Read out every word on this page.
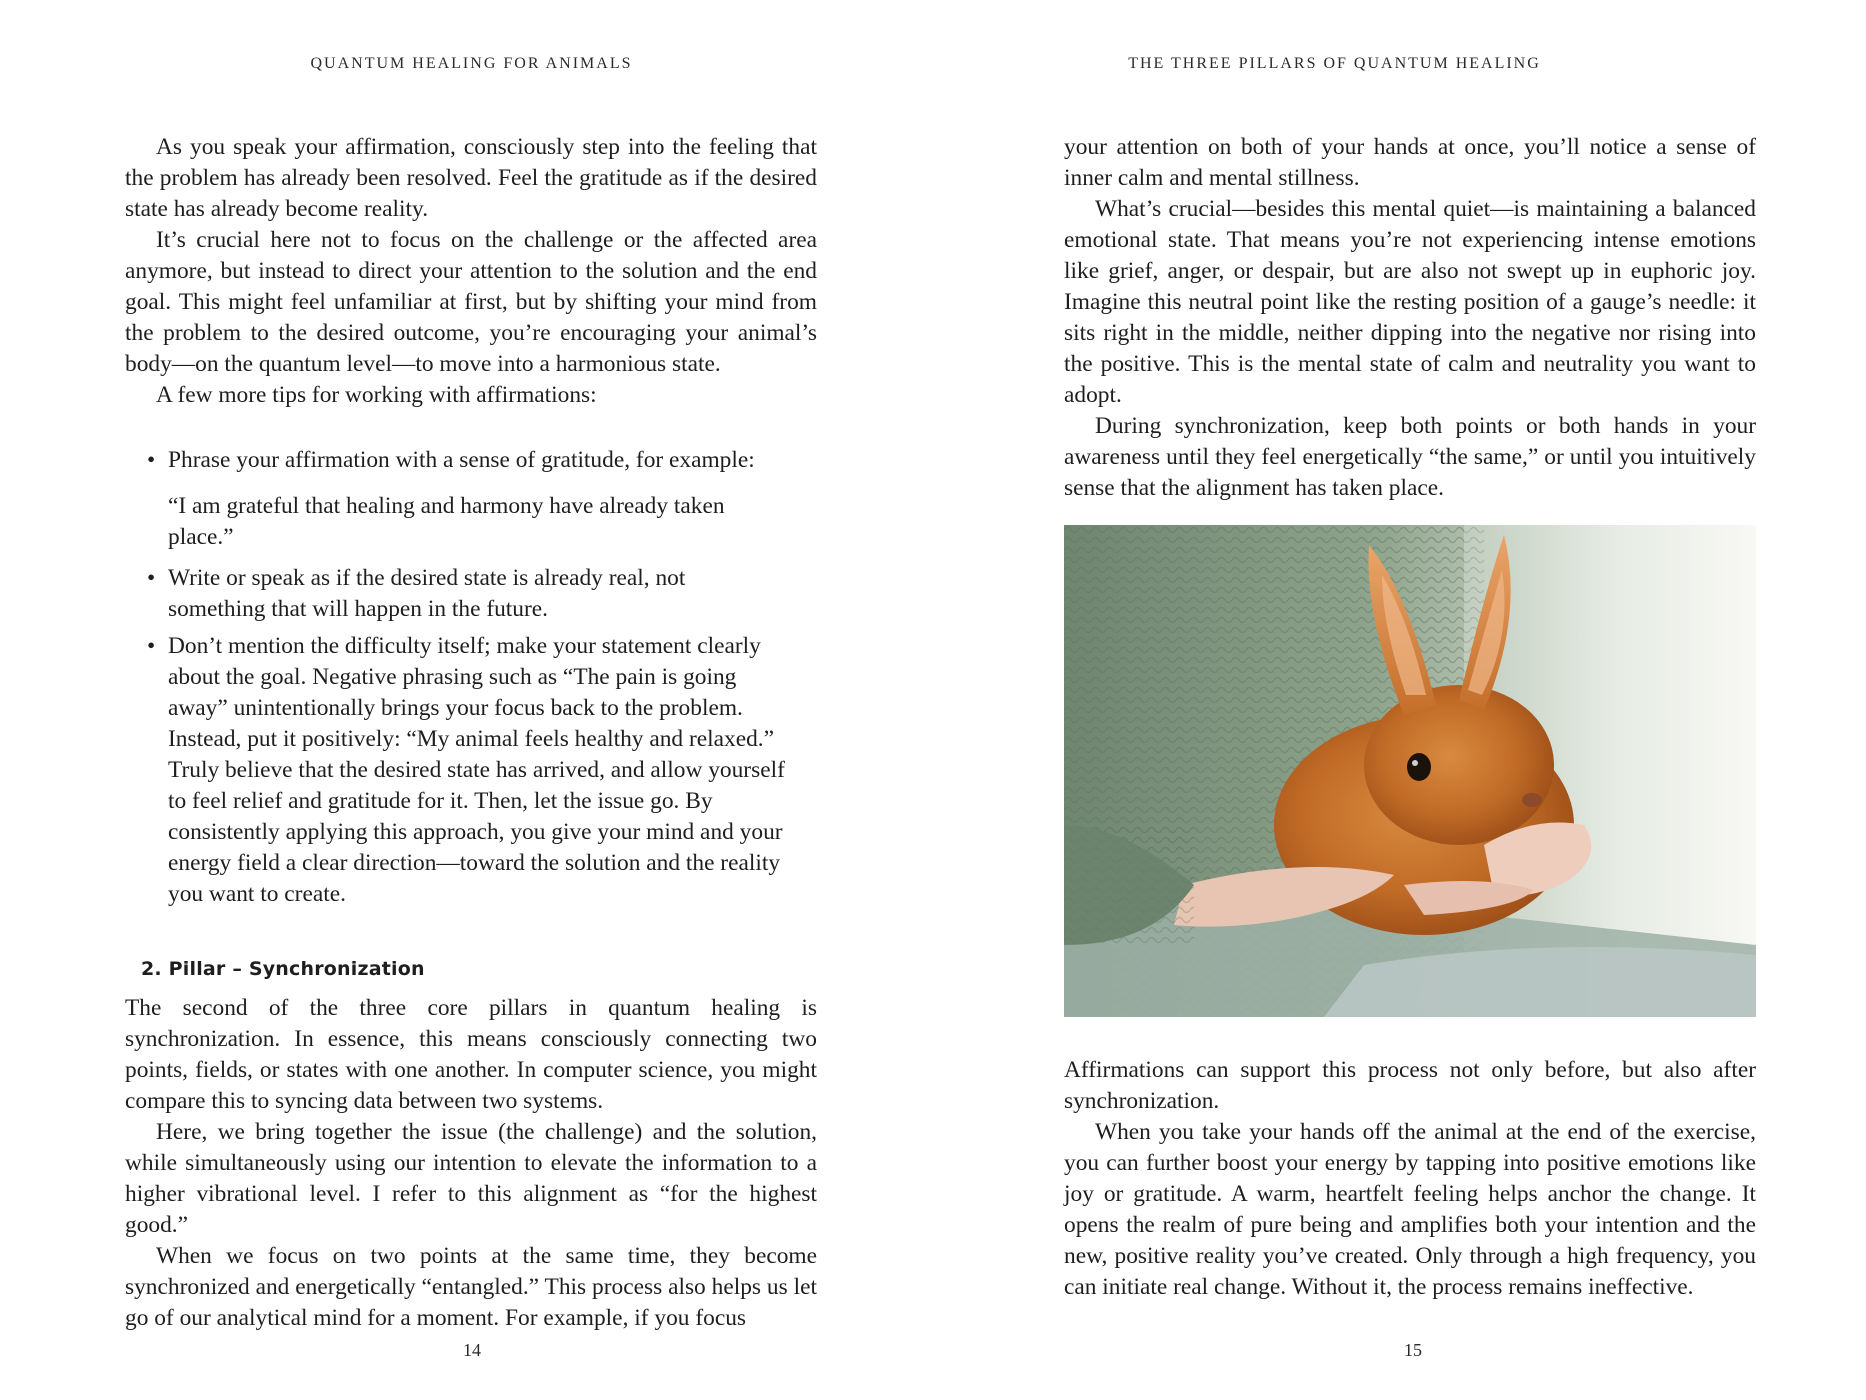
QUANTUM HEALING FOR ANIMALS

As you speak your affirmation, consciously step into the feeling that the problem has already been resolved. Feel the gratitude as if the desired state has already become reality.

It’s crucial here not to focus on the challenge or the affected area anymore, but instead to direct your attention to the solution and the end goal. This might feel unfamiliar at first, but by shifting your mind from the problem to the desired outcome, you’re encouraging your animal’s body—on the quantum level—to move into a harmonious state.

A few more tips for working with affirmations:

• Phrase your affirmation with a sense of gratitude, for example:
“I am grateful that healing and harmony have already taken place.”
• Write or speak as if the desired state is already real, not something that will happen in the future.
• Don’t mention the difficulty itself; make your statement clearly about the goal. Negative phrasing such as “The pain is going away” unintentionally brings your focus back to the problem. Instead, put it positively: “My animal feels healthy and relaxed.” Truly believe that the desired state has arrived, and allow yourself to feel relief and gratitude for it. Then, let the issue go. By consistently applying this approach, you give your mind and your energy field a clear direction—toward the solution and the reality you want to create.
2. Pillar – Synchronization

The second of the three core pillars in quantum healing is synchronization. In essence, this means consciously connecting two points, fields, or states with one another. In computer science, you might compare this to syncing data between two systems.

Here, we bring together the issue (the challenge) and the solution, while simultaneously using our intention to elevate the information to a higher vibrational level. I refer to this alignment as “for the highest good.”

When we focus on two points at the same time, they become synchronized and energetically “entangled.” This process also helps us let go of our analytical mind for a moment. For example, if you focus

14
THE THREE PILLARS OF QUANTUM HEALING

your attention on both of your hands at once, you’ll notice a sense of inner calm and mental stillness.

What’s crucial—besides this mental quiet—is maintaining a balanced emotional state. That means you’re not experiencing intense emotions like grief, anger, or despair, but are also not swept up in euphoric joy. Imagine this neutral point like the resting position of a gauge’s needle: it sits right in the middle, neither dipping into the negative nor rising into the positive. This is the mental state of calm and neutrality you want to adopt.

During synchronization, keep both points or both hands in your awareness until they feel energetically “the same,” or until you intuitively sense that the alignment has taken place.

Affirmations can support this process not only before, but also after synchronization.

When you take your hands off the animal at the end of the exercise, you can further boost your energy by tapping into positive emotions like joy or gratitude. A warm, heartfelt feeling helps anchor the change. It opens the realm of pure being and amplifies both your intention and the new, positive reality you’ve created. Only through a high frequency, you can initiate real change. Without it, the process remains ineffective.

15
